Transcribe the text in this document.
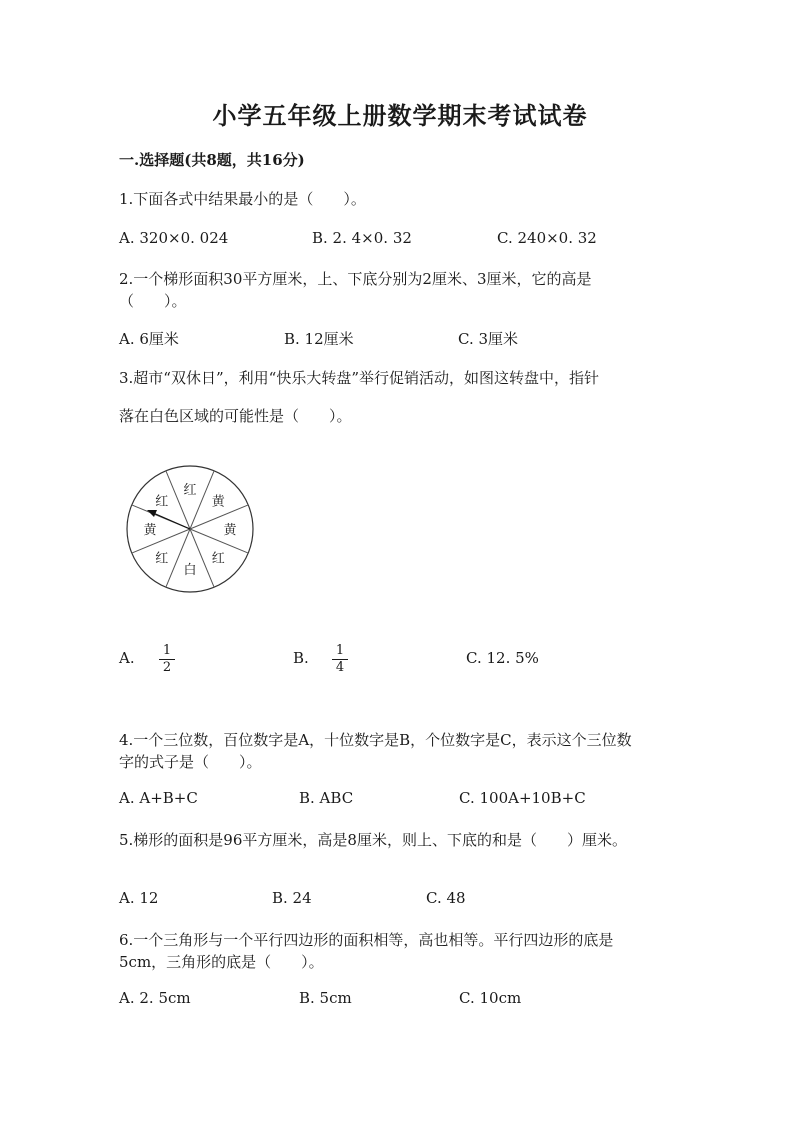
小学五年级上册数学期末考试试卷
一.选择题(共8题，共16分)
1.下面各式中结果最小的是（　　）。
A. 320×0. 024	B. 2. 4×0. 32	C. 240×0. 32
2.一个梯形面积30平方厘米，上、下底分别为2厘米、3厘米，它的高是
（　　）。
A. 6厘米	B. 12厘米	C. 3厘米
3.超市“双休日”，利用“快乐大转盘”举行促销活动，如图这转盘中，指针
落在白色区域的可能性是（　　）。
黄
黄
红
白
红
黄
红
红
A. 1
2
B. 1
4
C. 12. 5%
4.一个三位数，百位数字是A，十位数字是B，个位数字是C，表示这个三位数
字的式子是（　　）。
A. A+B+C	B. ABC	C. 100A+10B+C
5.梯形的面积是96平方厘米，高是8厘米，则上、下底的和是（　　）厘米。
A. 12	B. 24	C. 48
6.一个三角形与一个平行四边形的面积相等，高也相等。平行四边形的底是
5cm，三角形的底是（　　）。
A. 2. 5cm	B. 5cm	C. 10cm
